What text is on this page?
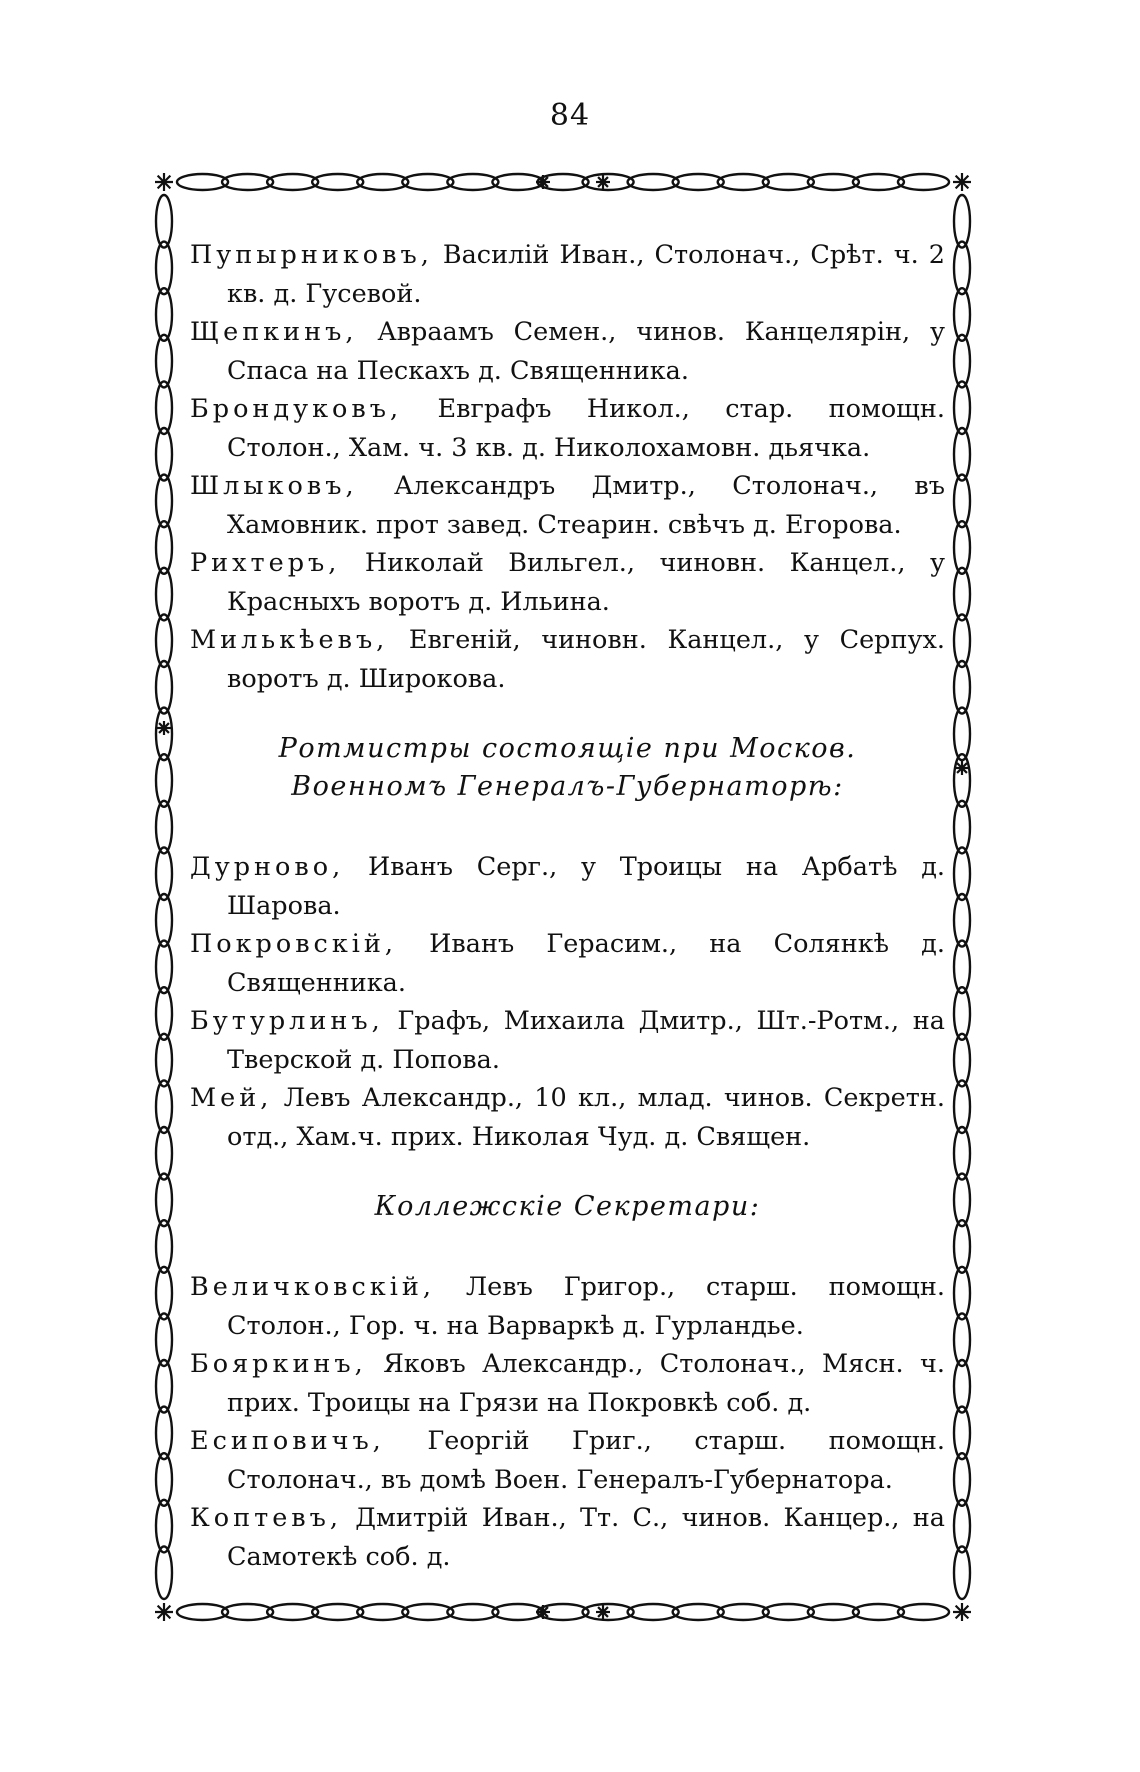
84

Пупырниковъ, Василій Иван., Столонач., Срѣт. ч. 2 кв. д. Гусевой.

Щепкинъ, Авраамъ Семен., чинов. Канцелярін, у Спаса на Пескахъ д. Священника.

Брондуковъ, Евграфъ Никол., стар. помощн. Столон., Хам. ч. 3 кв. д. Николохамовн. дьячка.

Шлыковъ, Александръ Дмитр., Столонач., въ Хамовник. прот завед. Стеарин. свѣчъ д. Егорова.

Рихтеръ, Николай Вильгел., чиновн. Канцел., у Красныхъ воротъ д. Ильина.

Милькѣевъ, Евгеній, чиновн. Канцел., у Серпух. воротъ д. Широкова.

Ротмистры состоящіе при Москов. Военномъ Генералъ-Губернаторѣ:

Дурново, Иванъ Серг., у Троицы на Арбатѣ д. Шарова.

Покровскій, Иванъ Герасим., на Солянкѣ д. Священника.

Бутурлинъ, Графъ, Михаила Дмитр., Шт.-Ротм., на Тверской д. Попова.

Мей, Левъ Александр., 10 кл., млад. чинов. Секретн. отд., Хам.ч. прих. Николая Чуд. д. Священ.

Коллежскіе Секретари:

Величковскій, Левъ Григор., старш. помощн. Столон., Гор. ч. на Варваркѣ д. Гурландье.

Бояркинъ, Яковъ Александр., Столонач., Мясн. ч. прих. Троицы на Грязи на Покровкѣ соб. д.

Есиповичъ, Георгій Григ., старш. помощн. Столонач., въ домѣ Воен. Генералъ-Губернатора.

Коптевъ, Дмитрій Иван., Тт. С., чинов. Канцер., на Самотекѣ соб. д.
